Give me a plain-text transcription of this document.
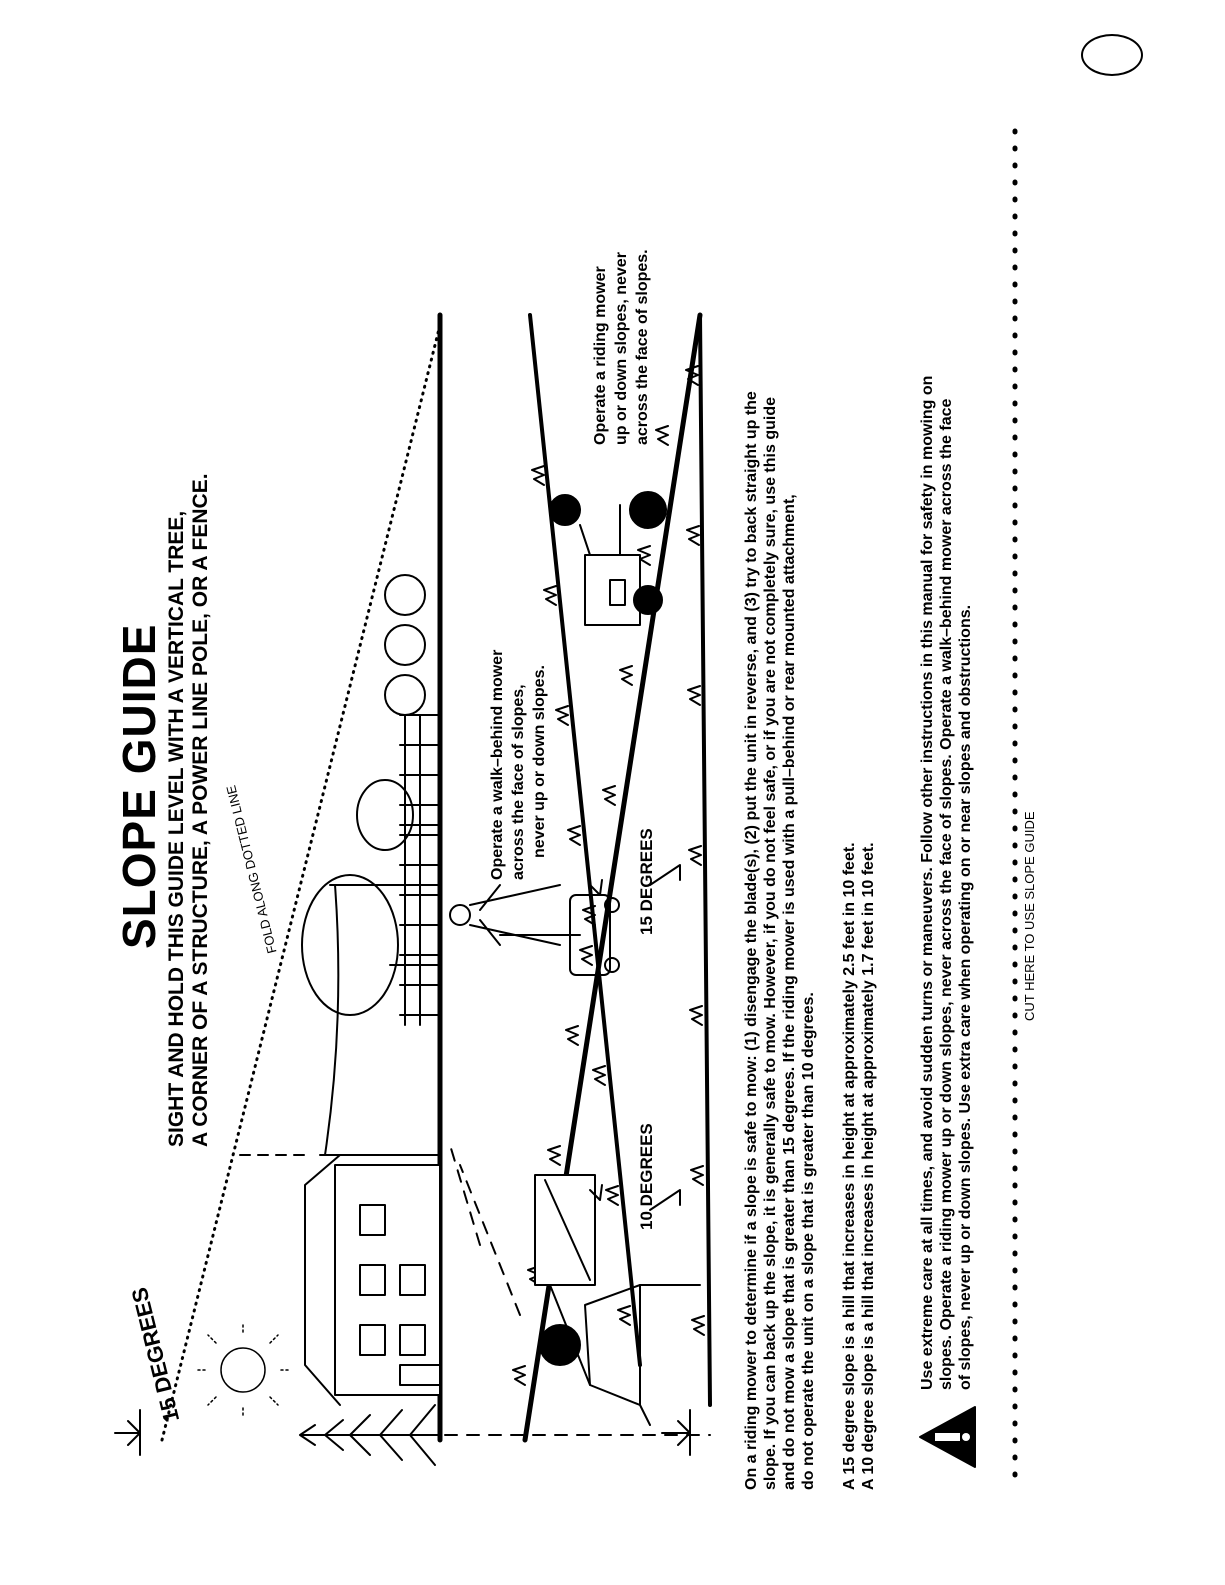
SLOPE GUIDE SIGHT AND HOLD THIS GUIDE LEVEL WITH A VERTICAL TREE, A CORNER OF A STRUCTURE, A POWER LINE POLE, OR A FENCE.
15 DEGREES
FOLD ALONG DOTTED LINE
10 DEGREES
15 DEGREES
Operate a walk–behind mower across the face of slopes, never up or down slopes.
Operate a riding mower up or down slopes, never across the face of slopes.
On a riding mower to determine if a slope is safe to mow: (1) disengage the blade(s), (2) put the unit in reverse, and (3) try to back straight up the slope. If you can back up the slope, it is generally safe to mow. However, if you do not feel safe, or if you are not completely sure, use this guide and do not mow a slope that is greater than 15 degrees. If the riding mower is used with a pull–behind or rear mounted attachment, do not operate the unit on a slope that is greater than 10 degrees. A 15 degree slope is a hill that increases in height at approximately 2.5 feet in 10 feet. A 10 degree slope is a hill that increases in height at approximately 1.7 feet in 10 feet.	Use extreme care at all times, and avoid sudden turns or maneuvers. Follow other instructions in this manual for safety in mowing on slopes. Operate a riding mower up or down slopes, never across the face of slopes. Operate a walk–behind mower across the face of slopes, never up or down slopes. Use extra care when operating on or near slopes and obstructions.	CUT HERE TO USE SLOPE GUIDE
